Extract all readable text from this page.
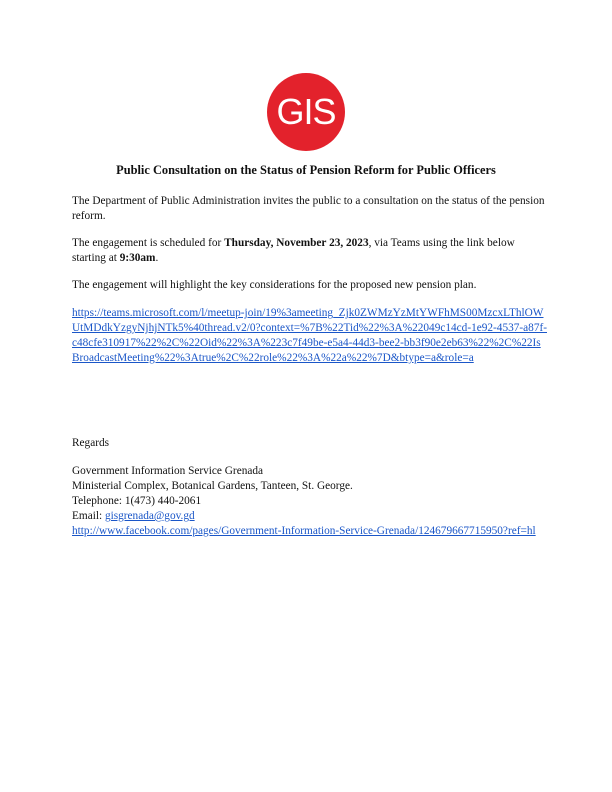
GIS
Public Consultation on the Status of Pension Reform for Public Officers
The Department of Public Administration invites the public to a consultation on the status of the pension reform.
The engagement is scheduled for Thursday, November 23, 2023, via Teams using the link below starting at 9:30am.
The engagement will highlight the key considerations for the proposed new pension plan.
https://teams.microsoft.com/l/meetup-join/19%3ameeting_Zjk0ZWMzYzMtYWFhMS00MzcxLThlOWUtMDdkYzgyNjhjNTk5%40thread.v2/0?context=%7B%22Tid%22%3A%22049c14cd-1e92-4537-a87f-c48cfe310917%22%2C%22Oid%22%3A%223c7f49be-e5a4-44d3-bee2-bb3f90e2eb63%22%2C%22IsBroadcastMeeting%22%3Atrue%2C%22role%22%3A%22a%22%7D&btype=a&role=a
Regards
Government Information Service Grenada
Ministerial Complex, Botanical Gardens, Tanteen, St. George.
Telephone: 1(473) 440-2061
Email: gisgrenada@gov.gd
http://www.facebook.com/pages/Government-Information-Service-Grenada/124679667715950?ref=hl
